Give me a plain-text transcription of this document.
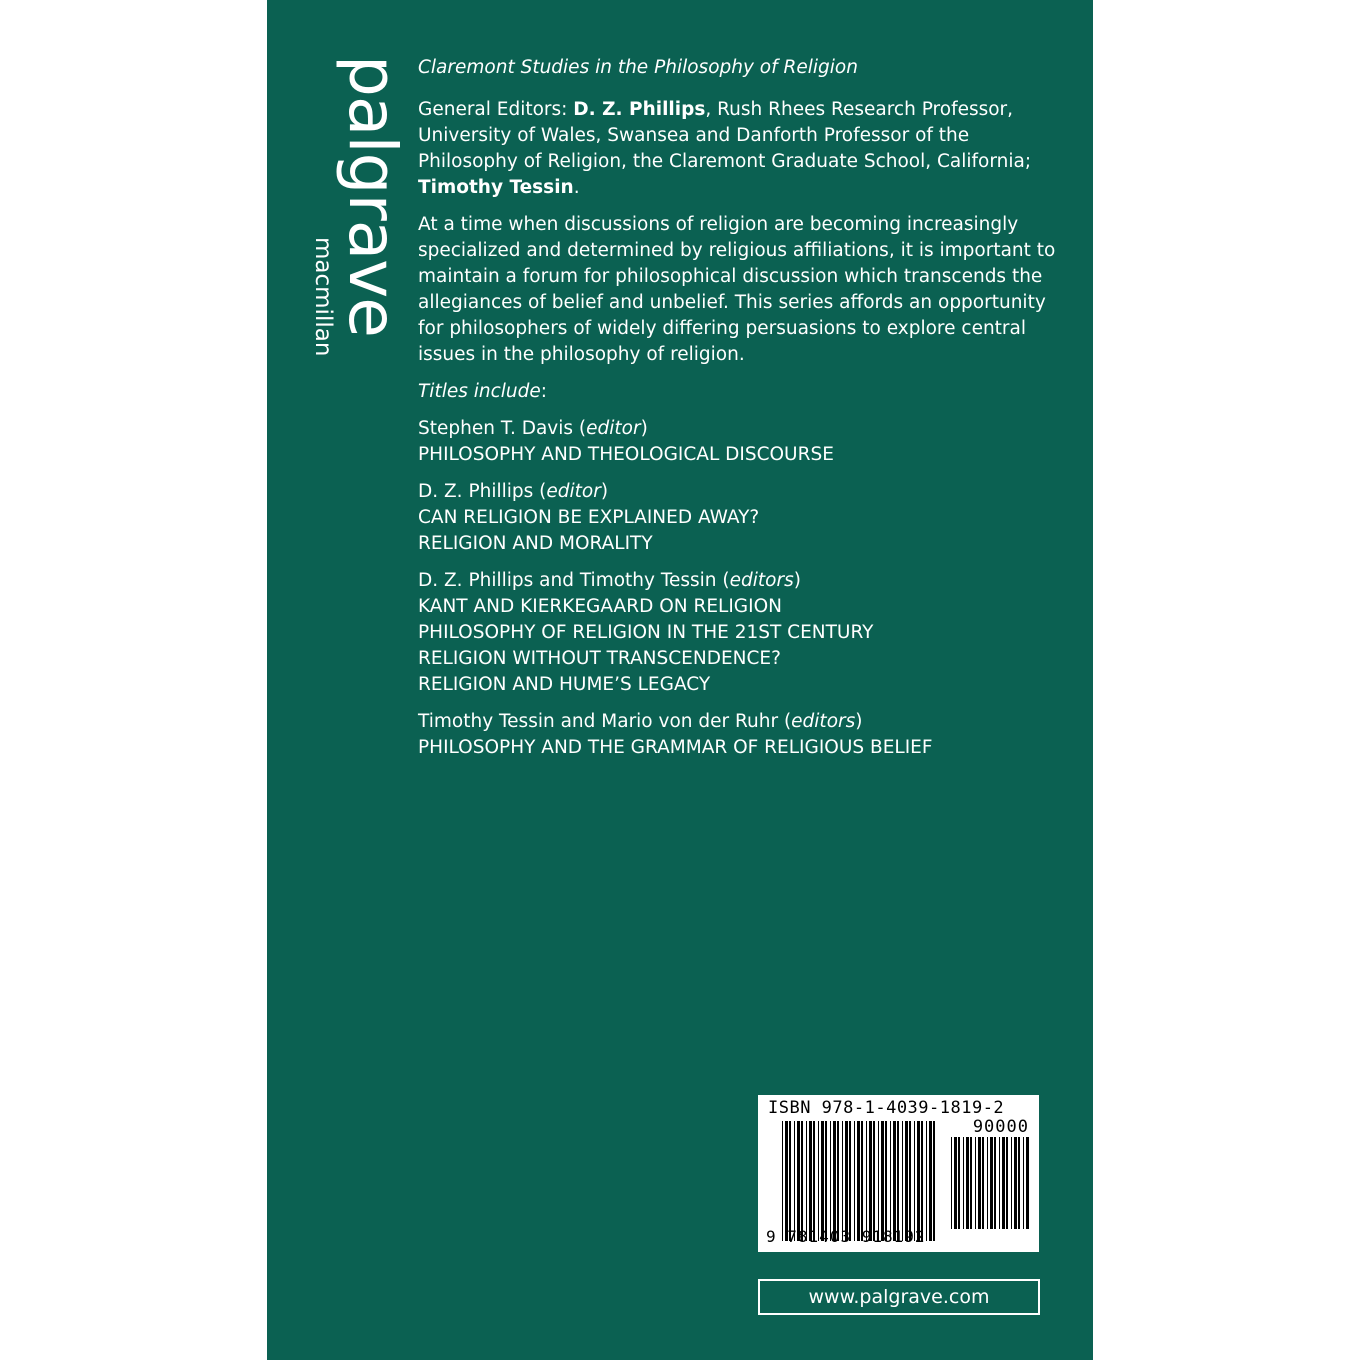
palgrave
macmillan

Claremont Studies in the Philosophy of Religion

General Editors: D. Z. Phillips, Rush Rhees Research Professor, University of Wales, Swansea and Danforth Professor of the Philosophy of Religion, the Claremont Graduate School, California; Timothy Tessin.

At a time when discussions of religion are becoming increasingly specialized and determined by religious affiliations, it is important to maintain a forum for philosophical discussion which transcends the allegiances of belief and unbelief. This series affords an opportunity for philosophers of widely differing persuasions to explore central issues in the philosophy of religion.

Titles include:

Stephen T. Davis (editor)
PHILOSOPHY AND THEOLOGICAL DISCOURSE
D. Z. Phillips (editor)
CAN RELIGION BE EXPLAINED AWAY?
RELIGION AND MORALITY
D. Z. Phillips and Timothy Tessin (editors)
KANT AND KIERKEGAARD ON RELIGION
PHILOSOPHY OF RELIGION IN THE 21ST CENTURY
RELIGION WITHOUT TRANSCENDENCE?
RELIGION AND HUME’S LEGACY
Timothy Tessin and Mario von der Ruhr (editors)
PHILOSOPHY AND THE GRAMMAR OF RELIGIOUS BELIEF
ISBN 978-1-4039-1819-2
90000
9 781403 918192
www.palgrave.com
